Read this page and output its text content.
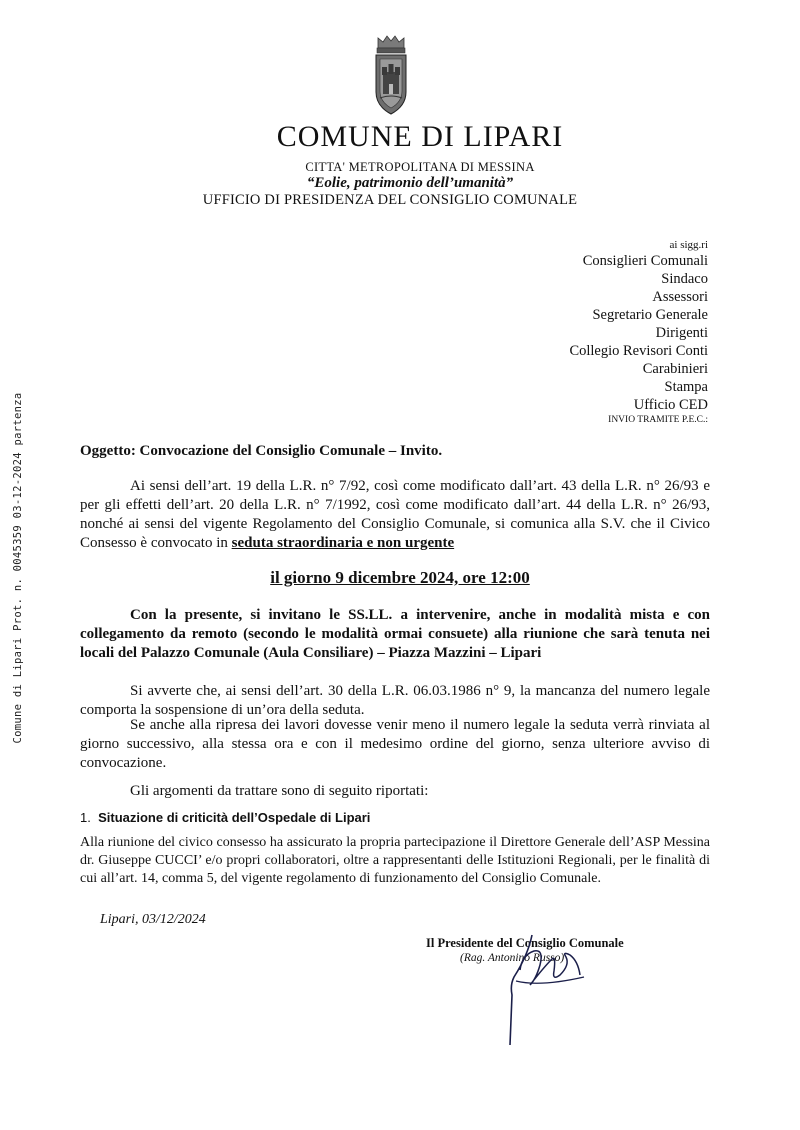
Comune di Lipari Prot. n. 0045359 03-12-2024 partenza
COMUNE DI LIPARI
CITTA' METROPOLITANA DI MESSINA
“Eolie, patrimonio dell’umanità”
UFFICIO DI PRESIDENZA DEL CONSIGLIO COMUNALE
ai sigg.ri
Consiglieri Comunali
Sindaco
Assessori
Segretario Generale
Dirigenti
Collegio Revisori Conti
Carabinieri
Stampa
Ufficio CED
INVIO TRAMITE P.E.C.:
Oggetto: Convocazione del Consiglio Comunale – Invito.
Ai sensi dell’art. 19 della L.R. n° 7/92, così come modificato dall’art. 43 della L.R. n° 26/93 e per gli effetti dell’art. 20 della L.R. n° 7/1992, così come modificato dall’art. 44 della L.R. n° 26/93, nonché ai sensi del vigente Regolamento del Consiglio Comunale, si comunica alla S.V. che il Civico Consesso è convocato in seduta straordinaria e non urgente
il giorno 9 dicembre 2024, ore 12:00
Con la presente, si invitano le SS.LL. a intervenire, anche in modalità mista e con collegamento da remoto (secondo le modalità ormai consuete) alla riunione che sarà tenuta nei locali del Palazzo Comunale (Aula Consiliare) – Piazza Mazzini – Lipari
Si avverte che, ai sensi dell’art. 30 della L.R. 06.03.1986 n° 9, la mancanza del numero legale comporta la sospensione di un’ora della seduta.
Se anche alla ripresa dei lavori dovesse venir meno il numero legale la seduta verrà rinviata al giorno successivo, alla stessa ora e con il medesimo ordine del giorno, senza ulteriore avviso di convocazione.
Gli argomenti da trattare sono di seguito riportati:
1. Situazione di criticità dell’Ospedale di Lipari
Alla riunione del civico consesso ha assicurato la propria partecipazione il Direttore Generale dell’ASP Messina dr. Giuseppe CUCCI’ e/o propri collaboratori, oltre a rappresentanti delle Istituzioni Regionali, per le finalità di cui all’art. 14, comma 5, del vigente regolamento di funzionamento del Consiglio Comunale.
Lipari, 03/12/2024
Il Presidente del Consiglio Comunale
(Rag. Antonino Russo)
